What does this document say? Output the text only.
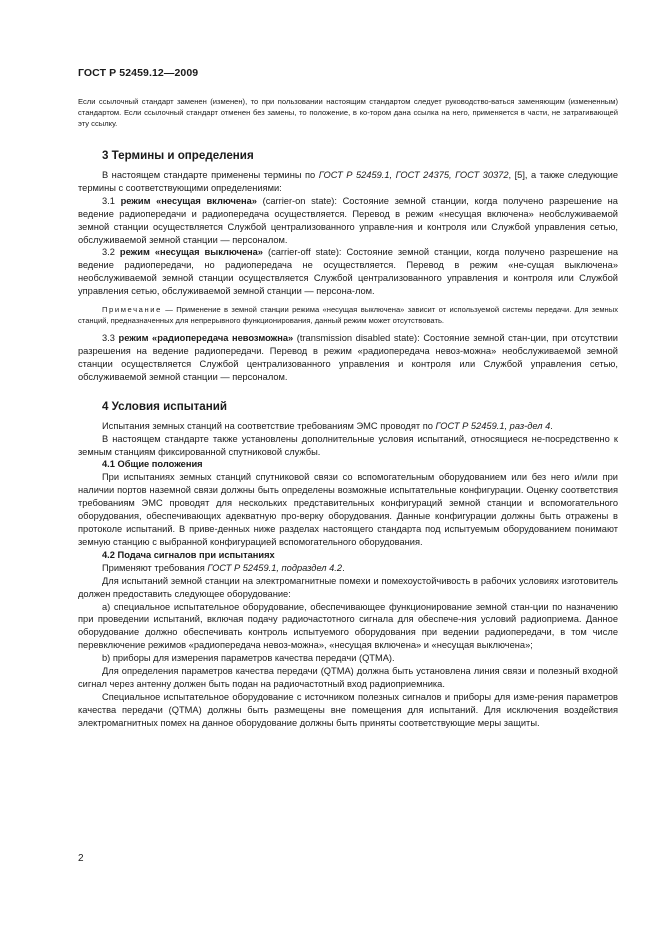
ГОСТ Р 52459.12—2009

Если ссылочный стандарт заменен (изменен), то при пользовании настоящим стандартом следует руководство-ваться заменяющим (измененным) стандартом. Если ссылочный стандарт отменен без замены, то положение, в ко-тором дана ссылка на него, применяется в части, не затрагивающей эту ссылку.

3 Термины и определения

В настоящем стандарте применены термины по ГОСТ Р 52459.1, ГОСТ 24375, ГОСТ 30372, [5], а также следующие термины с соответствующими определениями:

3.1 режим «несущая включена» (carrier-on state): Состояние земной станции, когда получено разрешение на ведение радиопередачи и радиопередача осуществляется. Перевод в режим «несущая включена» необслуживаемой земной станции осуществляется Службой централизованного управле-ния и контроля или Службой управления сетью, обслуживаемой земной станции — персоналом.

3.2 режим «несущая выключена» (carrier-off state): Состояние земной станции, когда получено разрешение на ведение радиопередачи, но радиопередача не осуществляется. Перевод в режим «не-сущая выключена» необслуживаемой земной станции осуществляется Службой централизованного управления и контроля или Службой управления сетью, обслуживаемой земной станции — персона-лом.

Примечание — Применение в земной станции режима «несущая выключена» зависит от используемой системы передачи. Для земных станций, предназначенных для непрерывного функционирования, данный режим может отсутствовать.

3.3 режим «радиопередача невозможна» (transmission disabled state): Состояние земной стан-ции, при отсутствии разрешения на ведение радиопередачи. Перевод в режим «радиопередача невоз-можна» необслуживаемой земной станции осуществляется Службой централизованного управления и контроля или Службой управления сетью, обслуживаемой земной станции — персоналом.

4 Условия испытаний

Испытания земных станций на соответствие требованиям ЭМС проводят по ГОСТ Р 52459.1, раз-дел 4.

В настоящем стандарте также установлены дополнительные условия испытаний, относящиеся не-посредственно к земным станциям фиксированной спутниковой службы.

4.1 Общие положения

При испытаниях земных станций спутниковой связи со вспомогательным оборудованием или без него и/или при наличии портов наземной связи должны быть определены возможные испытательные конфигурации. Оценку соответствия требованиям ЭМС проводят для нескольких представительных конфигураций земной станции и вспомогательного оборудования, обеспечивающих адекватную про-верку оборудования. Данные конфигурации должны быть отражены в протоколе испытаний. В приве-денных ниже разделах настоящего стандарта под испытуемым оборудованием понимают земную станцию с выбранной конфигурацией вспомогательного оборудования.

4.2 Подача сигналов при испытаниях

Применяют требования ГОСТ Р 52459.1, подраздел 4.2.

Для испытаний земной станции на электромагнитные помехи и помехоустойчивость в рабочих условиях изготовитель должен предоставить следующее оборудование:

a) специальное испытательное оборудование, обеспечивающее функционирование земной стан-ции по назначению при проведении испытаний, включая подачу радиочастотного сигнала для обеспече-ния условий радиоприема. Данное оборудование должно обеспечивать контроль испытуемого оборудования при ведении радиопередачи, в том числе перевключение режимов «радиопередача невоз-можна», «несущая включена» и «несущая выключена»;

b) приборы для измерения параметров качества передачи (QTMA).

Для определения параметров качества передачи (QTMA) должна быть установлена линия связи и полезный входной сигнал через антенну должен быть подан на радиочастотный вход радиоприемника.

Специальное испытательное оборудование с источником полезных сигналов и приборы для изме-рения параметров качества передачи (QTMA) должны быть размещены вне помещения для испытаний. Для исключения воздействия электромагнитных помех на данное оборудование должны быть приняты соответствующие меры защиты.

2
